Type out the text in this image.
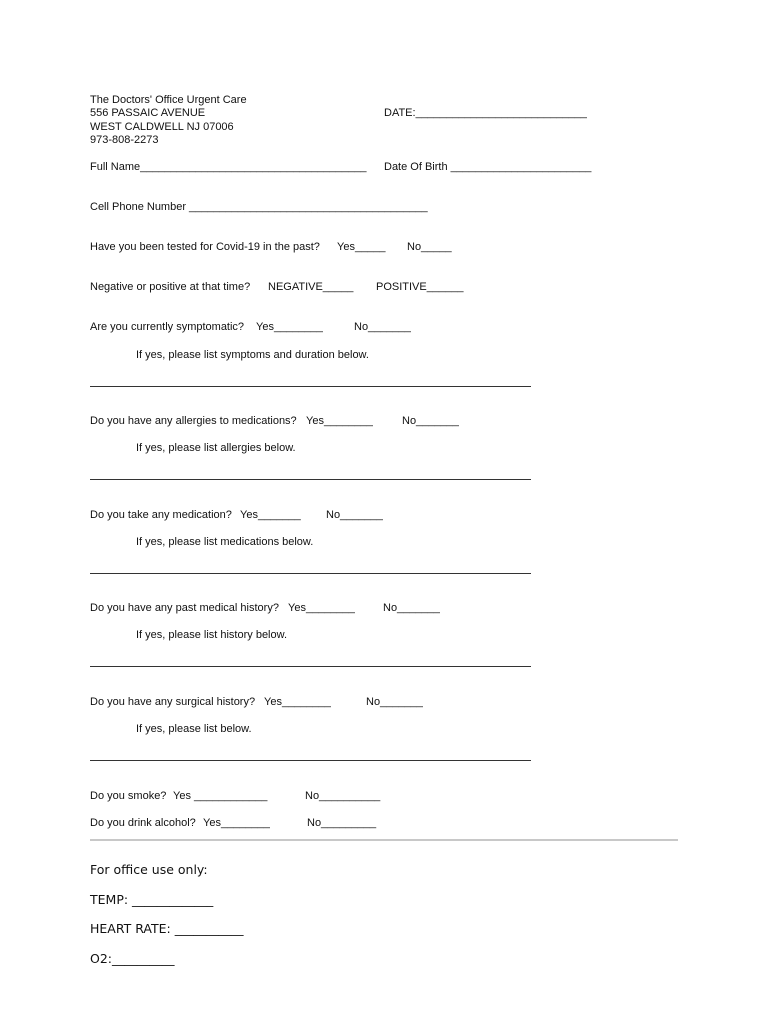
The Doctors' Office Urgent Care
556 PASSAIC AVENUE
WEST CALDWELL NJ 07006
973-808-2273
DATE:____________________________
Full Name_____________________________________ Date Of Birth _______________________
Cell Phone Number _______________________________________
Have you been tested for Covid-19 in the past? Yes_____ No_____
Negative or positive at that time? NEGATIVE_____ POSITIVE______
Are you currently symptomatic? Yes________	No_______
If yes, please list symptoms and duration below.
Do you have any allergies to medications? Yes________	No_______
If yes, please list allergies below.
Do you take any medication? Yes_______ No_______
If yes, please list medications below.
Do you have any past medical history? Yes________	No_______
If yes, please list history below.
Do you have any surgical history? Yes________	No_______
If yes, please list below.
Do you smoke? Yes ____________	No__________
Do you drink alcohol? Yes________	No_________
For office use only:
TEMP: _____________
HEART RATE: ___________
O2:__________
